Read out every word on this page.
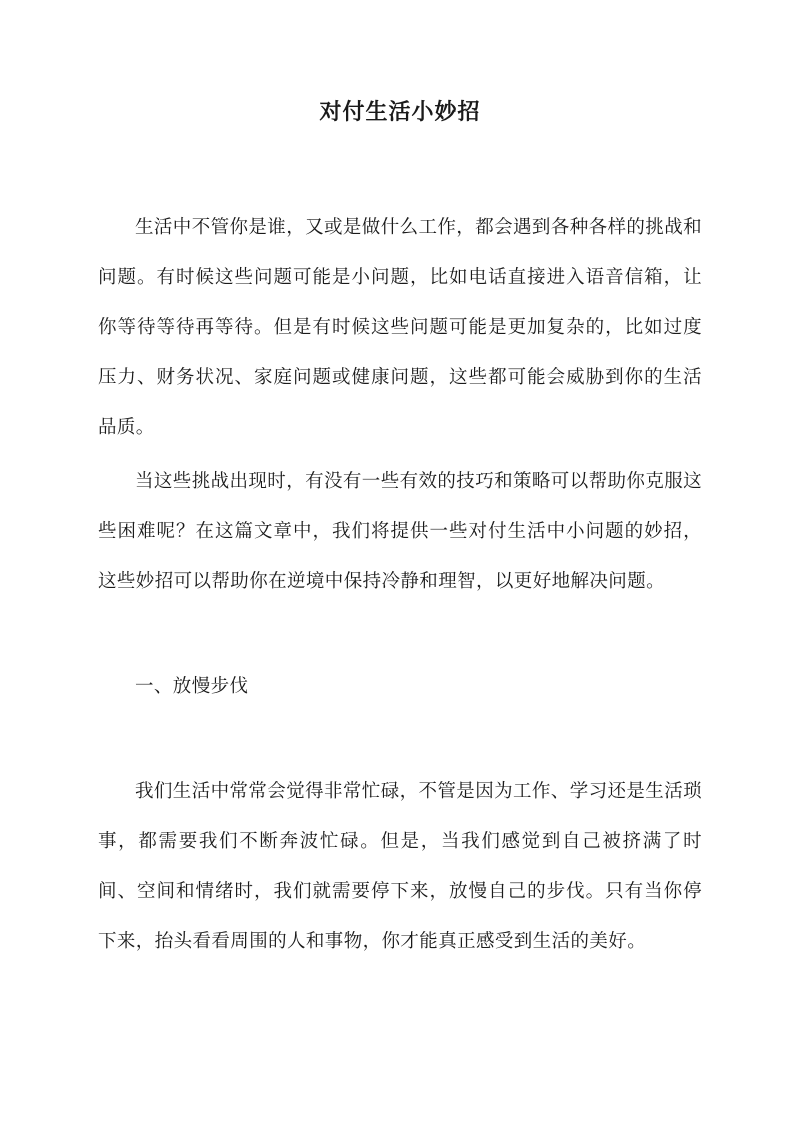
对付生活小妙招

生活中不管你是谁，又或是做什么工作，都会遇到各种各样的挑战和问题。有时候这些问题可能是小问题，比如电话直接进入语音信箱，让你等待等待再等待。但是有时候这些问题可能是更加复杂的，比如过度压力、财务状况、家庭问题或健康问题，这些都可能会威胁到你的生活品质。

当这些挑战出现时，有没有一些有效的技巧和策略可以帮助你克服这些困难呢？在这篇文章中，我们将提供一些对付生活中小问题的妙招，这些妙招可以帮助你在逆境中保持冷静和理智，以更好地解决问题。

一、放慢步伐

我们生活中常常会觉得非常忙碌，不管是因为工作、学习还是生活琐事，都需要我们不断奔波忙碌。但是，当我们感觉到自己被挤满了时间、空间和情绪时，我们就需要停下来，放慢自己的步伐。只有当你停下来，抬头看看周围的人和事物，你才能真正感受到生活的美好。
